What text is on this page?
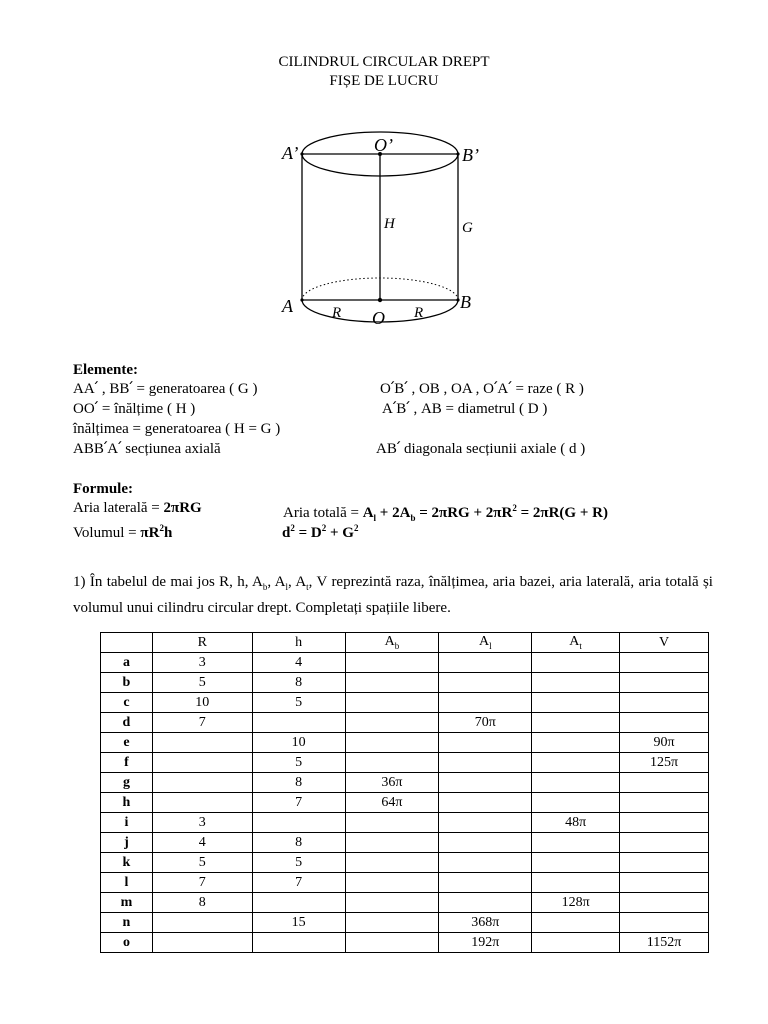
CILINDRUL CIRCULAR DREPT
FIȘE DE LUCRU
A’	O’	B’
H	G
A	B
O
R	R
Elemente:
AA՛ , BB՛ = generatoarea ( G )	O՛B՛ , OB , OA , O՛A՛ = raze ( R )
OO՛ = înălțime ( H )	A՛B՛ , AB = diametrul ( D )
înălțimea = generatoarea ( H = G )
ABB՛A՛ secțiunea axială	AB՛ diagonala secțiunii axiale ( d )
Formule:
Aria laterală = 2πRG	Aria totală = $A_l + 2A_b = 2\pi RG + 2\pi R^2 = 2\pi R(G + R)$
Volumul = $\pi R^2h$	$d^2 = D^2 + G^2$
1) În tabelul de mai jos R, h, $A_b$, $A_l$, $A_t$, V reprezintă raza, înălțimea, aria bazei, aria laterală, aria totală și volumul unui cilindru circular drept. Completați spațiile libere.
	R	h	$A_b$	$A_l$	$A_t$	V
a	3	4				
b	5	8				
c	10	5				
d	7			70π		
e		10				90π
f		5				125π
g		8	36π			
h		7	64π			
i	3				48π	
j	4	8				
k	5	5				
l	7	7				
m	8				128π	
n		15		368π		
o				192π		1152π
